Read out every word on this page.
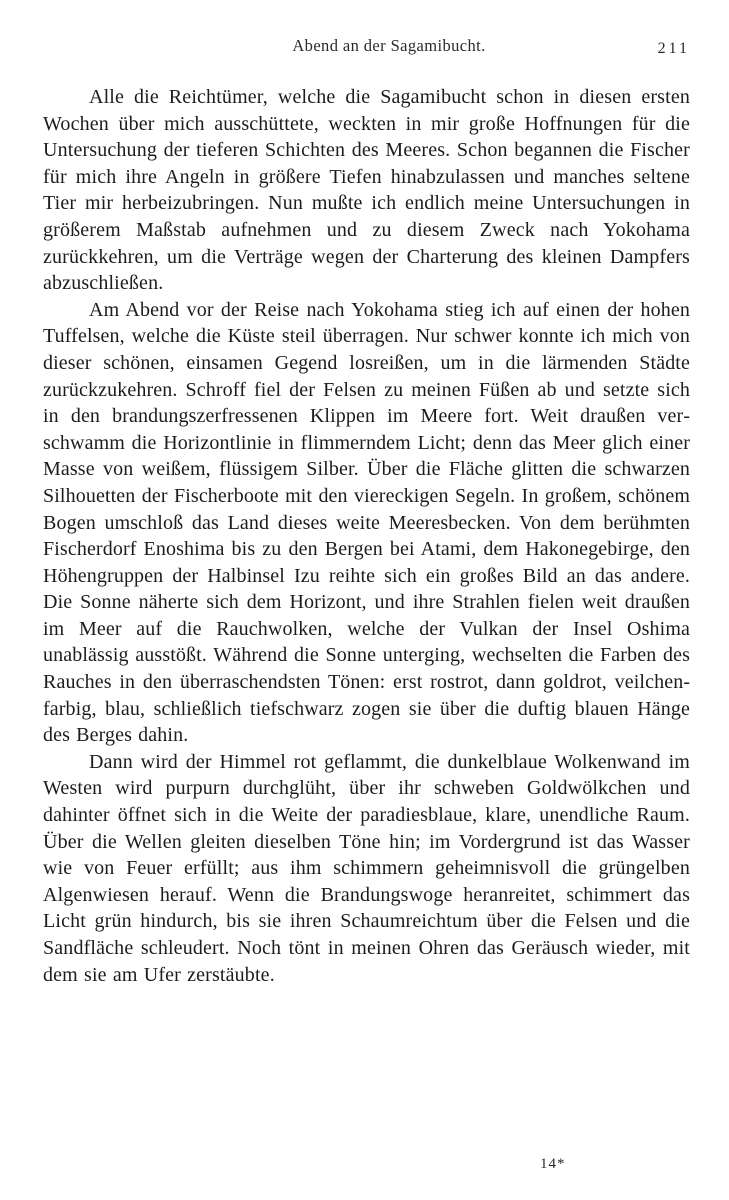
Abend an der Sagamibucht.	211

Alle die Reichtümer, welche die Sagamibucht schon in diesen ersten Wochen über mich ausschüttete, weckten in mir große Hoffnungen für die Untersuchung der tieferen Schichten des Meeres. Schon begannen die Fischer für mich ihre Angeln in größere Tiefen hinabzulassen und manches seltene Tier mir herbeizubringen. Nun mußte ich endlich meine Untersuchungen in größerem Maßstab aufnehmen und zu diesem Zweck nach Yokohama zurückkehren, um die Verträge wegen der Charterung des kleinen Dampfers abzuschließen.

Am Abend vor der Reise nach Yokohama stieg ich auf einen der hohen Tuffelsen, welche die Küste steil überragen. Nur schwer konnte ich mich von dieser schönen, einsamen Gegend losreißen, um in die lärmenden Städte zurückzukehren. Schroff fiel der Felsen zu meinen Füßen ab und setzte sich in den brandungszerfressenen Klippen im Meere fort. Weit draußen verschwamm die Horizontlinie in flimmerndem Licht; denn das Meer glich einer Masse von weißem, flüssigem Silber. Über die Fläche glitten die schwarzen Silhouetten der Fischerboote mit den viereckigen Segeln. In großem, schönem Bogen umschloß das Land dieses weite Meeresbecken. Von dem berühmten Fischerdorf Enoshima bis zu den Bergen bei Atami, dem Hakonegebirge, den Höhengruppen der Halbinsel Izu reihte sich ein großes Bild an das andere. Die Sonne näherte sich dem Horizont, und ihre Strahlen fielen weit draußen im Meer auf die Rauchwolken, welche der Vulkan der Insel Oshima unablässig ausstößt. Während die Sonne unterging, wechselten die Farben des Rauches in den überraschendsten Tönen: erst rostrot, dann goldrot, veilchenfarbig, blau, schließlich tiefschwarz zogen sie über die duftig blauen Hänge des Berges dahin.

Dann wird der Himmel rot geflammt, die dunkelblaue Wolkenwand im Westen wird purpurn durchglüht, über ihr schweben Goldwölkchen und dahinter öffnet sich in die Weite der paradiesblaue, klare, unendliche Raum. Über die Wellen gleiten dieselben Töne hin; im Vordergrund ist das Wasser wie von Feuer erfüllt; aus ihm schimmern geheimnisvoll die grüngelben Algenwiesen herauf. Wenn die Brandungswoge heranreitet, schimmert das Licht grün hindurch, bis sie ihren Schaumreichtum über die Felsen und die Sandfläche schleudert. Noch tönt in meinen Ohren das Geräusch wieder, mit dem sie am Ufer zerstäubte.

14*
